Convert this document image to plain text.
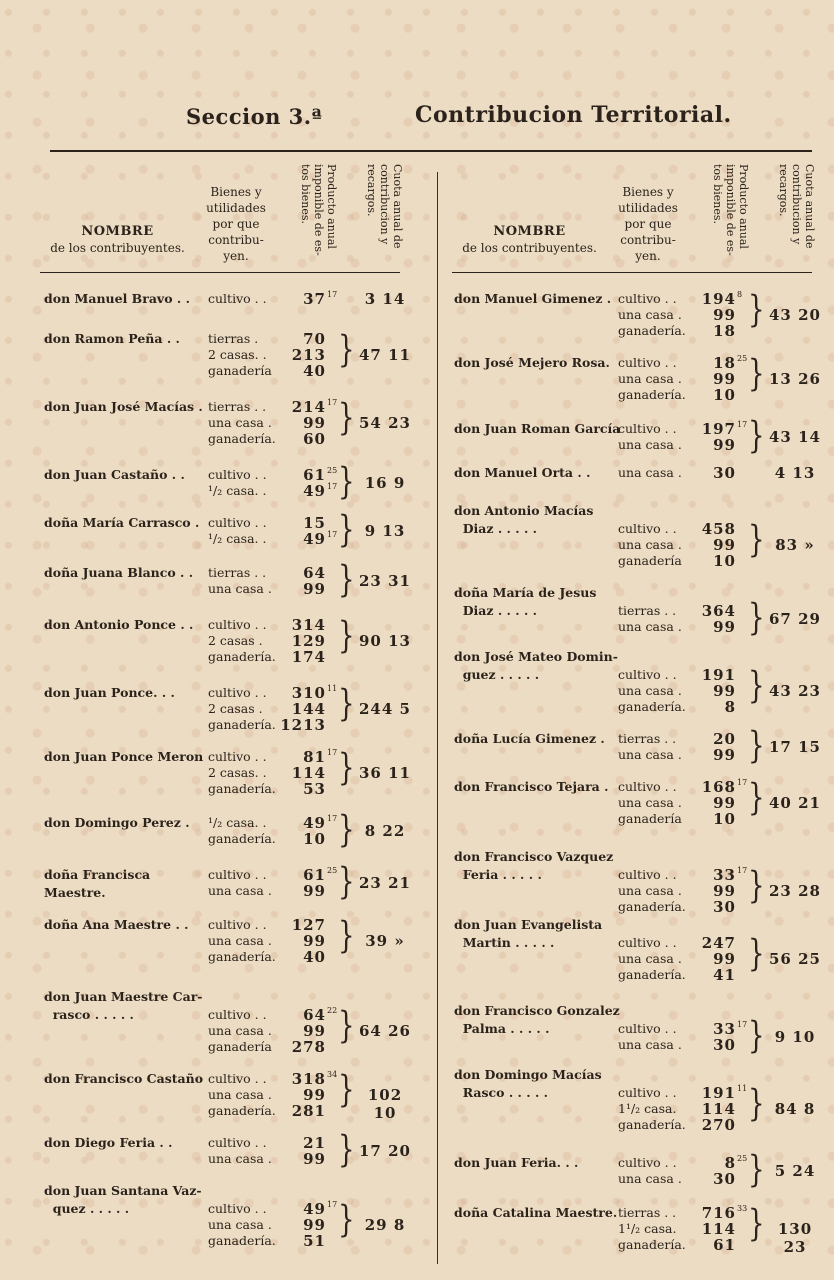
Seccion 3.ª	Contribucion Territorial.
NOMBRE
de los contribuyentes.
Bienes y utilidades por que contribu-yen.
Producto anual imponible de es-tos bienes.	Cuota anual de contribucion y recargos.
NOMBRE
de los contribuyentes.
Bienes y utilidades por que contribu-yen.
Producto anual imponible de es-tos bienes.	Cuota anual de contribucion y recargos.
don Manuel Bravo . .	cultivo . .	37 17	3 14
don Ramon Peña . .	tierras .	70
2 casas. .	213
ganadería	40 } 47 11
don Juan José Macías . tierras . .	214 17
una casa .	99
ganadería.	60 } 54 23
don Juan Castaño . .	cultivo . .	61 25
¹/₂ casa. .	49 17 } 16 9
doña María Carrasco . cultivo . .	15
¹/₂ casa. .	49 17 } 9 13
doña Juana Blanco . .	tierras . .	64
una casa .	99 } 23 31
don Antonio Ponce . .	cultivo . .	314
2 casas .	129
ganadería.	174 } 90 13
don Juan Ponce. . .	cultivo . .	310 11
2 casas .	144
ganadería. 1213 } 244 5
don Juan Ponce Meron cultivo . .	81 17
2 casas. .	114
ganadería.	53 } 36 11
don Domingo Perez .	¹/₂ casa. .	49 17
ganadería.	10 } 8 22
doña Francisca Maestre.
cultivo . .	61 25
una casa .	99 } 23 21
doña Ana Maestre . .	cultivo . .	127
una casa .	99
ganadería.	40 } 39 »
don Juan Maestre Car-
rasco . . . . .	cultivo . .	64 22
una casa .	99
ganadería	278 } 64 26
don Francisco Castaño cultivo . .	318 34
una casa .	99
ganadería.	281 } 102 10
don Diego Feria . .	cultivo . .	21
una casa .	99 } 17 20
don Juan Santana Vaz-
quez . . . . .	cultivo . .	49 17
una casa .	99
ganadería.	51 } 29 8
don Manuel Gimenez . cultivo . .	194 8
una casa .	99
ganadería.	18 } 43 20
don José Mejero Rosa. cultivo . .	18 25
una casa .	99
ganadería.	10 } 13 26
don Juan Roman García
cultivo . .	197 17
una casa .	99 } 43 14
don Manuel Orta . .	una casa .	30	4 13
don Antonio Macías
Diaz . . . . .	cultivo . .	458
una casa .	99
ganadería	10 } 83 »
doña María de Jesus
Diaz . . . . .	tierras . .	364
una casa .	99 } 67 29
don José Mateo Domin-
guez . . . . .	cultivo . .	191
una casa .	99
ganadería.	8 } 43 23
doña Lucía Gimenez .	tierras . .	20
una casa .	99 } 17 15
don Francisco Tejara . cultivo . .	168 17
una casa .	99
ganadería	10 } 40 21
don Francisco Vazquez
Feria . . . . .	cultivo . .	33 17
una casa .	99
ganadería.	30 } 23 28
don Juan Evangelista
Martin . . . . .	cultivo . .	247
una casa .	99
ganadería.	41 } 56 25
don Francisco Gonzalez
Palma . . . . .	cultivo . .	33 17
una casa .	30 } 9 10
don Domingo Macías
Rasco . . . . .	cultivo . .	191 11
1¹/₂ casa.	114
ganadería.	270 } 84 8
don Juan Feria. . .	cultivo . .	8 25
una casa .	30 } 5 24
doña Catalina Maestre. tierras . .	716 33
1¹/₂ casa.	114
ganadería.	61 } 130 23
